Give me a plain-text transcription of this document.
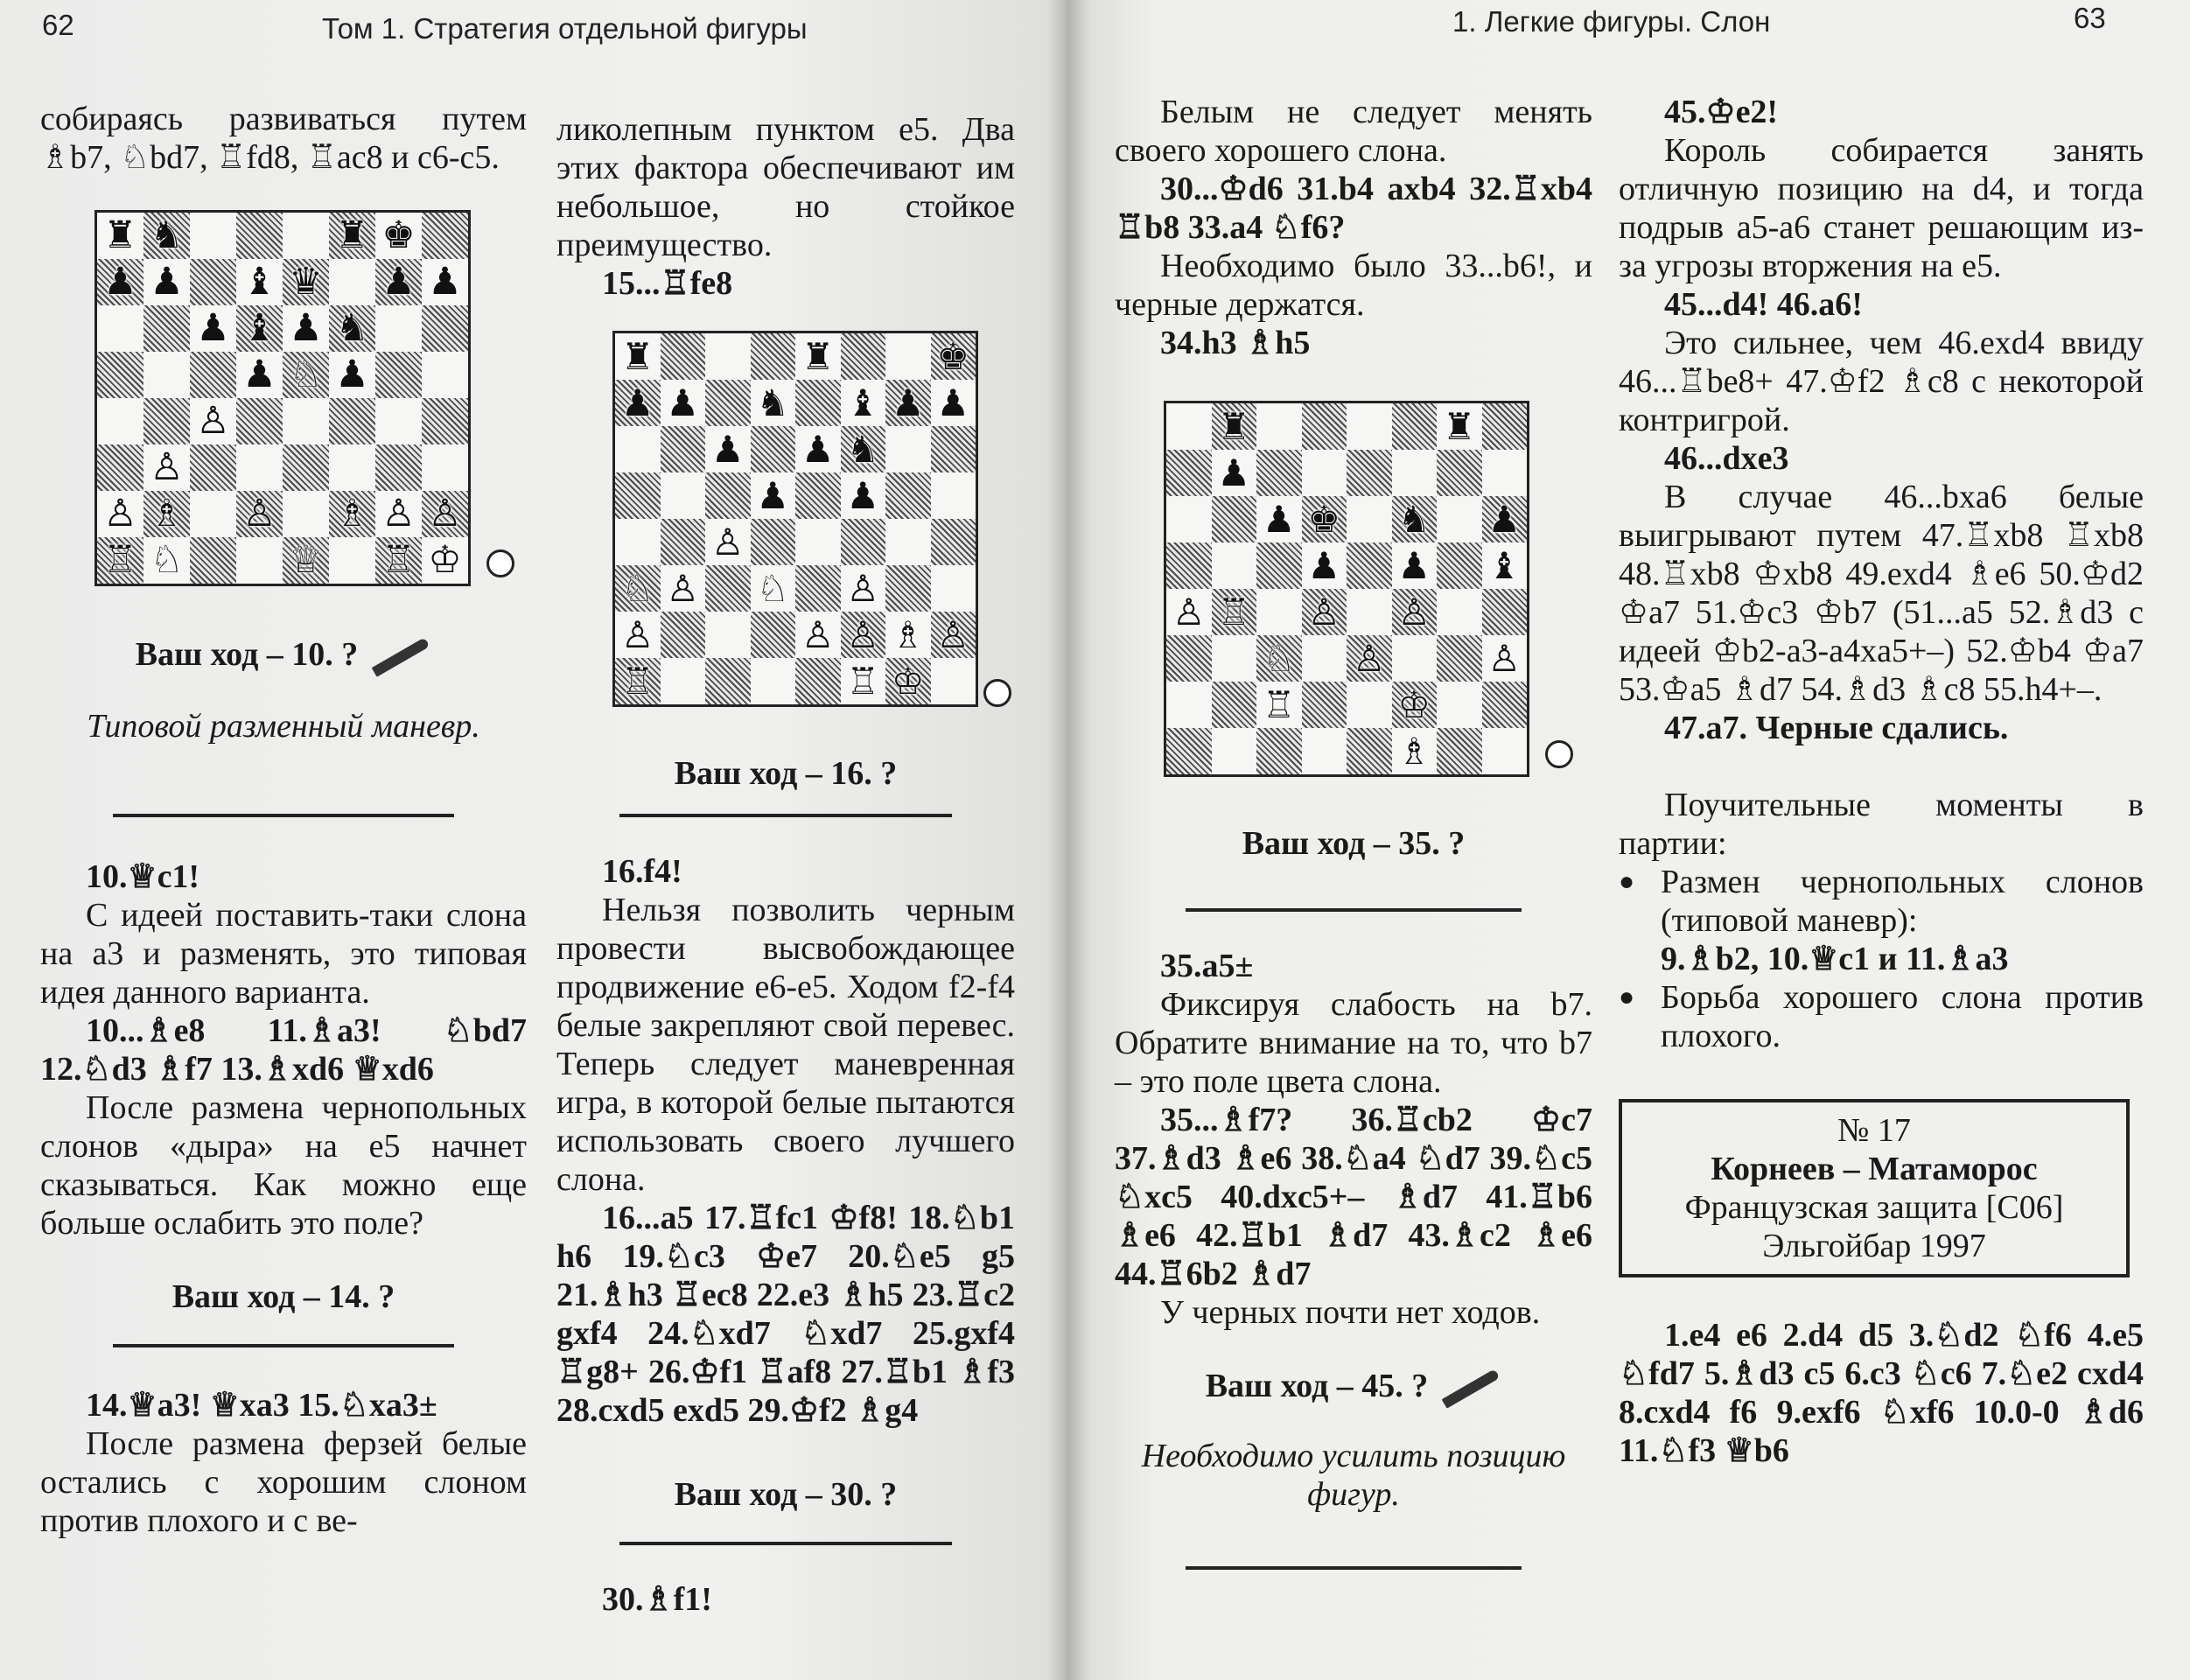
62	Том 1. Стратегия отдельной фигуры

собираясь развиваться путем ♗b7, ♘bd7, ♖fd8, ♖ac8 и c6-c5.

♜ ♞	♜ ♚
♟ ♟ ♝ ♛ ♟ ♟
♟ ♝ ♟ ♞
♟ ♘ ♟
♙
♙
♙ ♗ ♙ ♗ ♙ ♙
♖ ♘	♕ ♖ ♔

Ваш ход – 10. ?

Типовой разменный маневр.

10.♕c1!

С идеей поставить-таки слона на a3 и разменять, это типовая идея данного варианта.

10...♗e8 11.♗a3! ♘bd7 12.♘d3 ♗f7 13.♗xd6 ♕xd6

После размена чернопольных слонов «дыра» на e5 начнет сказываться. Как можно еще больше ослабить это поле?

Ваш ход – 14. ?

14.♕a3! ♕xa3 15.♘xa3±

После размена ферзей белые остались с хорошим слоном против плохого и с ве-

ликолепным пунктом e5. Два этих фактора обеспечивают им небольшое, но стойкое преимущество.

15...♖fe8

♜	♜	♚
♟ ♟ ♞ ♝ ♟ ♟
♟ ♟ ♞
♟ ♟
♙
♘ ♙ ♘ ♙
♙	♙ ♙ ♗ ♙
♖	♖ ♔

Ваш ход – 16. ?

16.f4!

Нельзя позволить черным провести высвобождающее продвижение e6-e5. Ходом f2-f4 белые закрепляют свой перевес. Теперь следует маневренная игра, в которой белые пытаются использовать своего лучшего слона.

16...a5 17.♖fc1 ♔f8! 18.♘b1 h6 19.♘c3 ♔e7 20.♘e5 g5 21.♗h3 ♖ec8 22.e3 ♗h5 23.♖c2 gxf4 24.♘xd7 ♘xd7 25.gxf4 ♖g8+ 26.♔f1 ♖af8 27.♖b1 ♗f3 28.cxd5 exd5 29.♔f2 ♗g4

Ваш ход – 30. ?

30.♗f1!

1. Легкие фигуры. Слон	63

Белым не следует менять своего хорошего слона.

30...♔d6 31.b4 axb4 32.♖xb4 ♖b8 33.a4 ♘f6?

Необходимо было 33...b6!, и черные держатся.

34.h3 ♗h5

♜	♜
♟
♟ ♚ ♞ ♟
♟ ♟ ♝
♙ ♖ ♙ ♙
♘ ♙	♙
♖	♔
♗

Ваш ход – 35. ?

35.a5±

Фиксируя слабость на b7. Обратите внимание на то, что b7 – это поле цвета слона.

35...♗f7? 36.♖cb2 ♔c7 37.♗d3 ♗e6 38.♘a4 ♘d7 39.♘c5 ♘xc5 40.dxc5+– ♗d7 41.♖b6 ♗e6 42.♖b1 ♗d7 43.♗c2 ♗e6 44.♖6b2 ♗d7

У черных почти нет ходов.

Ваш ход – 45. ?

Необходимо усилить позицию фигур.

45.♔e2!

Король собирается занять отличную позицию на d4, и тогда подрыв a5-a6 станет решающим из-за угрозы вторжения на e5.

45...d4! 46.a6!

Это сильнее, чем 46.exd4 ввиду 46...♖be8+ 47.♔f2 ♗c8 с некоторой контригрой.

46...dxe3

В случае 46...bxa6 белые выигрывают путем 47.♖xb8 ♖xb8 48.♖xb8 ♔xb8 49.exd4 ♗e6 50.♔d2 ♔a7 51.♔c3 ♔b7 (51...a5 52.♗d3 с идеей ♔b2-a3-a4xa5+–) 52.♔b4 ♔a7 53.♔a5 ♗d7 54.♗d3 ♗c8 55.h4+–.

47.a7. Черные сдались.

Поучительные моменты в партии:

● Размен чернопольных слонов (типовой маневр):

9.♗b2, 10.♕c1 и 11.♗a3

● Борьба хорошего слона против плохого.

№ 17

Корнеев – Матаморос

Французская защита [C06]

Эльгойбар 1997

1.e4 e6 2.d4 d5 3.♘d2 ♘f6 4.e5 ♘fd7 5.♗d3 c5 6.c3 ♘c6 7.♘e2 cxd4 8.cxd4 f6 9.exf6 ♘xf6 10.0-0 ♗d6 11.♘f3 ♕b6
